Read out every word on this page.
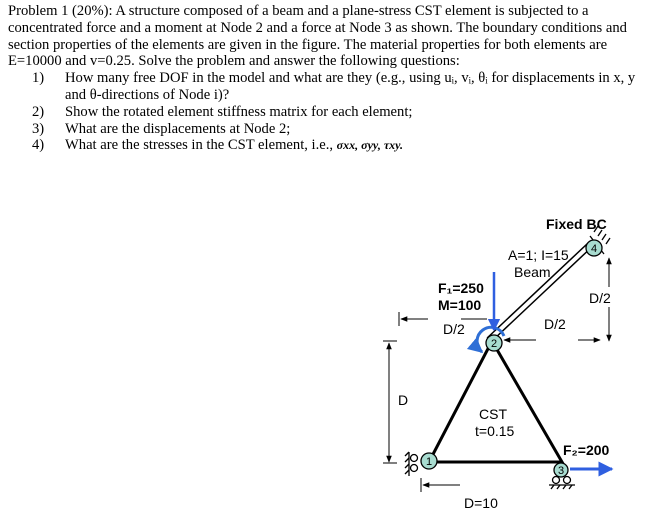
Problem 1 (20%): A structure composed of a beam and a plane-stress CST element is subjected to a concentrated force and a moment at Node 2 and a force at Node 3 as shown. The boundary conditions and section properties of the elements are given in the figure. The material properties for both elements are E=10000 and v=0.25. Solve the problem and answer the following questions:

1) How many free DOF in the model and what are they (e.g., using uᵢ, vᵢ, θᵢ for displacements in x, y and θ-directions of Node i)?
2) Show the rotated element stiffness matrix for each element;
3) What are the displacements at Node 2;
4) What are the stresses in the CST element, i.e., σxx, σyy, τxy.
1
2
3
4
Fixed BC
A=1; I=15
Beam
F₁=250
M=100
D/2	D/2
D/2
D
CST
t=0.15
F₂=200
D=10
